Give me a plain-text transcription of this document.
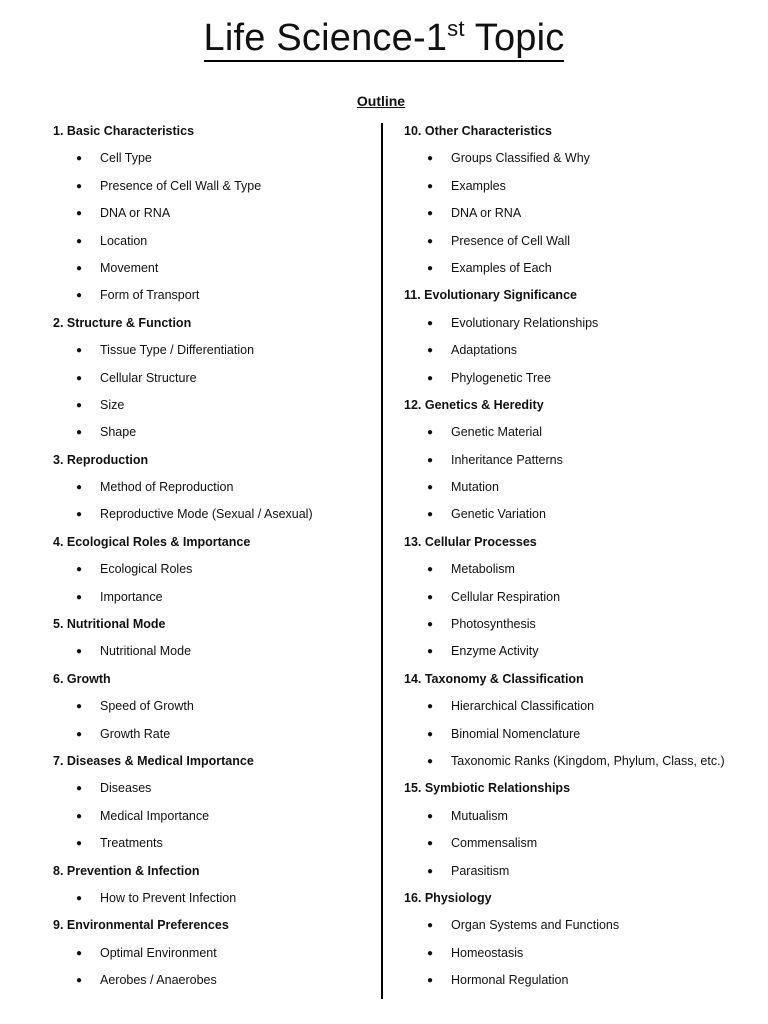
Life Science-1st Topic
Outline
1. Basic Characteristics
● Cell Type
● Presence of Cell Wall & Type
● DNA or RNA
● Location
● Movement
● Form of Transport
2. Structure & Function
● Tissue Type / Differentiation
● Cellular Structure
● Size
● Shape
3. Reproduction
● Method of Reproduction
● Reproductive Mode (Sexual / Asexual)
4. Ecological Roles & Importance
● Ecological Roles
● Importance
5. Nutritional Mode
● Nutritional Mode
6. Growth
● Speed of Growth
● Growth Rate
7. Diseases & Medical Importance
● Diseases
● Medical Importance
● Treatments
8. Prevention & Infection
● How to Prevent Infection
9. Environmental Preferences
● Optimal Environment
● Aerobes / Anaerobes
10. Other Characteristics
● Groups Classified & Why
● Examples
● DNA or RNA
● Presence of Cell Wall
● Examples of Each
11. Evolutionary Significance
● Evolutionary Relationships
● Adaptations
● Phylogenetic Tree
12. Genetics & Heredity
● Genetic Material
● Inheritance Patterns
● Mutation
● Genetic Variation
13. Cellular Processes
● Metabolism
● Cellular Respiration
● Photosynthesis
● Enzyme Activity
14. Taxonomy & Classification
● Hierarchical Classification
● Binomial Nomenclature
● Taxonomic Ranks (Kingdom, Phylum, Class, etc.)
15. Symbiotic Relationships
● Mutualism
● Commensalism
● Parasitism
16. Physiology
● Organ Systems and Functions
● Homeostasis
● Hormonal Regulation
